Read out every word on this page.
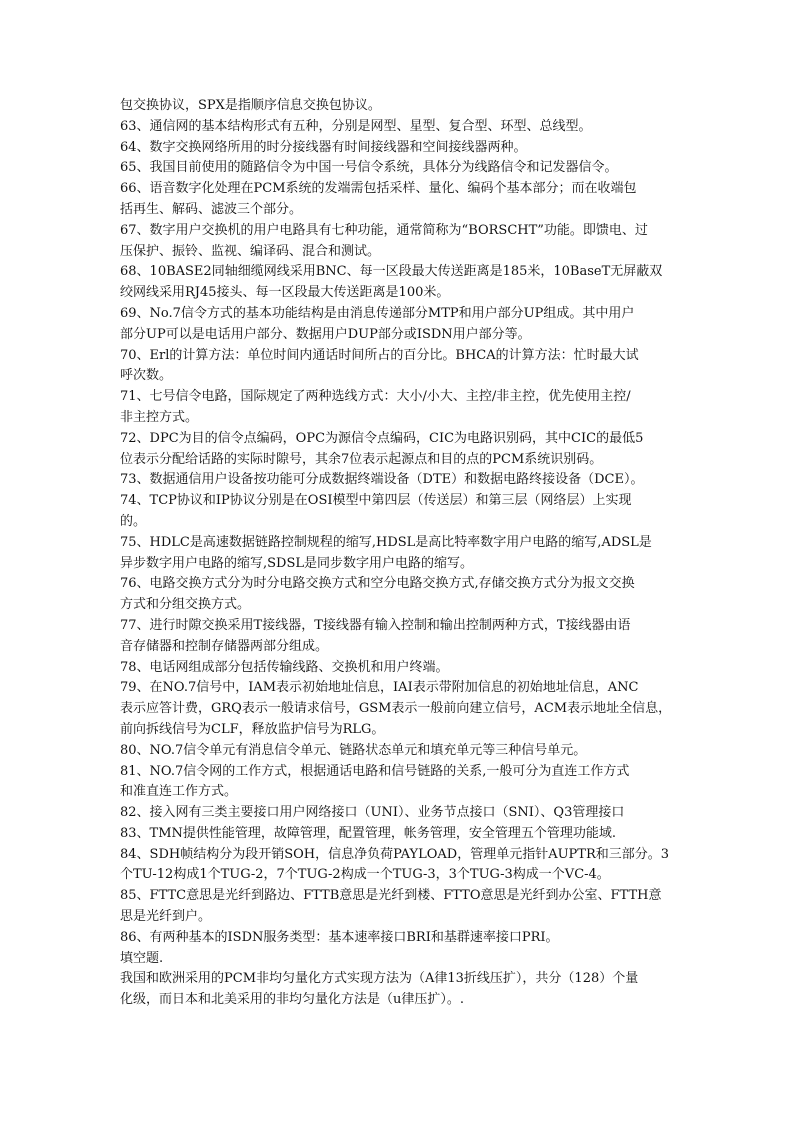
包交换协议，SPX是指顺序信息交换包协议。
63、通信网的基本结构形式有五种，分别是网型、星型、复合型、环型、总线型。
64、数字交换网络所用的时分接线器有时间接线器和空间接线器两种。
65、我国目前使用的随路信令为中国一号信令系统，具体分为线路信令和记发器信令。
66、语音数字化处理在PCM系统的发端需包括采样、量化、编码个基本部分；而在收端包
括再生、解码、滤波三个部分。
67、数字用户交换机的用户电路具有七种功能，通常简称为“BORSCHT”功能。即馈电、过
压保护、振铃、监视、编译码、混合和测试。
68、10BASE2同轴细缆网线采用BNC、每一区段最大传送距离是185米，10BaseT无屏蔽双
绞网线采用RJ45接头、每一区段最大传送距离是100米。
69、No.7信令方式的基本功能结构是由消息传递部分MTP和用户部分UP组成。其中用户
部分UP可以是电话用户部分、数据用户DUP部分或ISDN用户部分等。
70、Erl的计算方法：单位时间内通话时间所占的百分比。BHCA的计算方法：忙时最大试
呼次数。
71、七号信令电路，国际规定了两种选线方式：大小/小大、主控/非主控，优先使用主控/
非主控方式。
72、DPC为目的信令点编码，OPC为源信令点编码，CIC为电路识别码，其中CIC的最低5
位表示分配给话路的实际时隙号，其余7位表示起源点和目的点的PCM系统识别码。
73、数据通信用户设备按功能可分成数据终端设备（DTE）和数据电路终接设备（DCE）。
74、TCP协议和IP协议分别是在OSI模型中第四层（传送层）和第三层（网络层）上实现
的。
75、HDLC是高速数据链路控制规程的缩写,HDSL是高比特率数字用户电路的缩写,ADSL是
异步数字用户电路的缩写,SDSL是同步数字用户电路的缩写。
76、电路交换方式分为时分电路交换方式和空分电路交换方式,存储交换方式分为报文交换
方式和分组交换方式。
77、进行时隙交换采用T接线器，T接线器有输入控制和输出控制两种方式，T接线器由语
音存储器和控制存储器两部分组成。
78、电话网组成部分包括传输线路、交换机和用户终端。
79、在NO.7信号中，IAM表示初始地址信息，IAI表示带附加信息的初始地址信息，ANC
表示应答计费，GRQ表示一般请求信号，GSM表示一般前向建立信号，ACM表示地址全信息，
前向拆线信号为CLF，释放监护信号为RLG。
80、NO.7信令单元有消息信令单元、链路状态单元和填充单元等三种信号单元。
81、NO.7信令网的工作方式，根据通话电路和信号链路的关系,一般可分为直连工作方式
和准直连工作方式。
82、接入网有三类主要接口用户网络接口（UNI）、业务节点接口（SNI）、Q3管理接口
83、TMN提供性能管理，故障管理，配置管理，帐务管理，安全管理五个管理功能域.
84、SDH帧结构分为段开销SOH，信息净负荷PAYLOAD，管理单元指针AUPTR和三部分。3
个TU-12构成1个TUG-2，7个TUG-2构成一个TUG-3，3个TUG-3构成一个VC-4。
85、FTTC意思是光纤到路边、FTTB意思是光纤到楼、FTTO意思是光纤到办公室、FTTH意
思是光纤到户。
86、有两种基本的ISDN服务类型：基本速率接口BRI和基群速率接口PRI。
填空题.
我国和欧洲采用的PCM非均匀量化方式实现方法为（A律13折线压扩），共分（128）个量
化级，而日本和北美采用的非均匀量化方法是（u律压扩）。.
